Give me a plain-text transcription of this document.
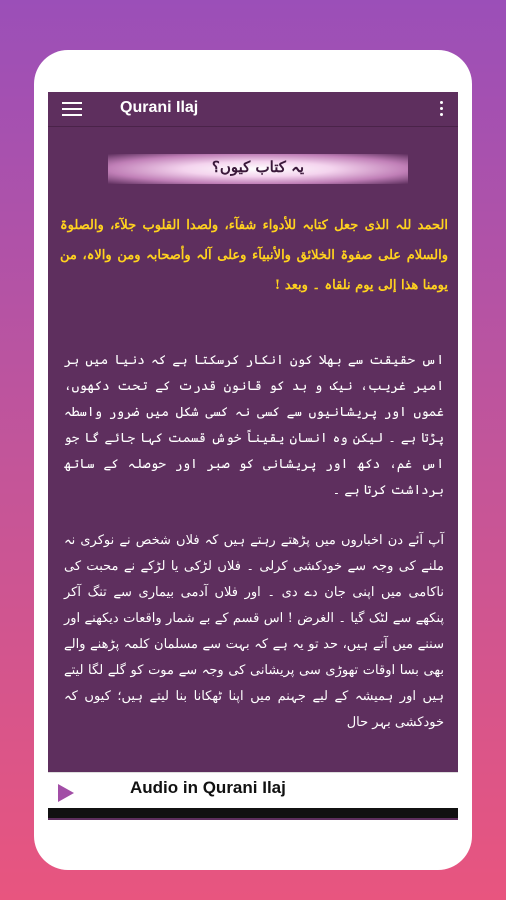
Qurani Ilaj
یہ کتاب کیوں؟
الحمد للہ الذی جعل کتابہ للأدواء شفآء، ولصدا القلوب جلآء، والصلوۃ والسلام علی صفوۃ الخلائق والأنبیآء وعلی آلہ وأصحابہ ومن والاہ، من یومنا ھذا إلی یوم نلقاہ ۔ وبعد !
اس حقیقت سے بھلا کون انکار کرسکتا ہے کہ دنیا میں ہر امیر غریب، نیک و بد کو قانون قدرت کے تحت دکھوں، غموں اور پریشانیوں سے کسی نہ کسی شکل میں ضرور واسطہ پڑتا ہے ۔ لیکن وہ انسان یقیناً خوش قسمت کہا جائے گا جو اس غم، دکھ اور پریشانی کو صبر اور حوصلہ کے ساتھ برداشت کرتا ہے ۔
آپ آئے دن اخباروں میں پڑھتے رہتے ہیں کہ فلاں شخص نے نوکری نہ ملنے کی وجہ سے خودکشی کرلی ۔ فلاں لڑکی یا لڑکے نے محبت کی ناکامی میں اپنی جان دے دی ۔ اور فلاں آدمی بیماری سے تنگ آکر پنکھے سے لٹک گیا ۔ الغرض ! اس قسم کے بے شمار واقعات دیکھنے اور سننے میں آتے ہیں، حد تو یہ ہے کہ بہت سے مسلمان کلمہ پڑھنے والے بھی بسا اوقات تھوڑی سی پریشانی کی وجہ سے موت کو گلے لگا لیتے ہیں اور ہمیشہ کے لیے جہنم میں اپنا ٹھکانا بنا لیتے ہیں؛ کیوں کہ خودکشی بہر حال
Audio in Qurani Ilaj
